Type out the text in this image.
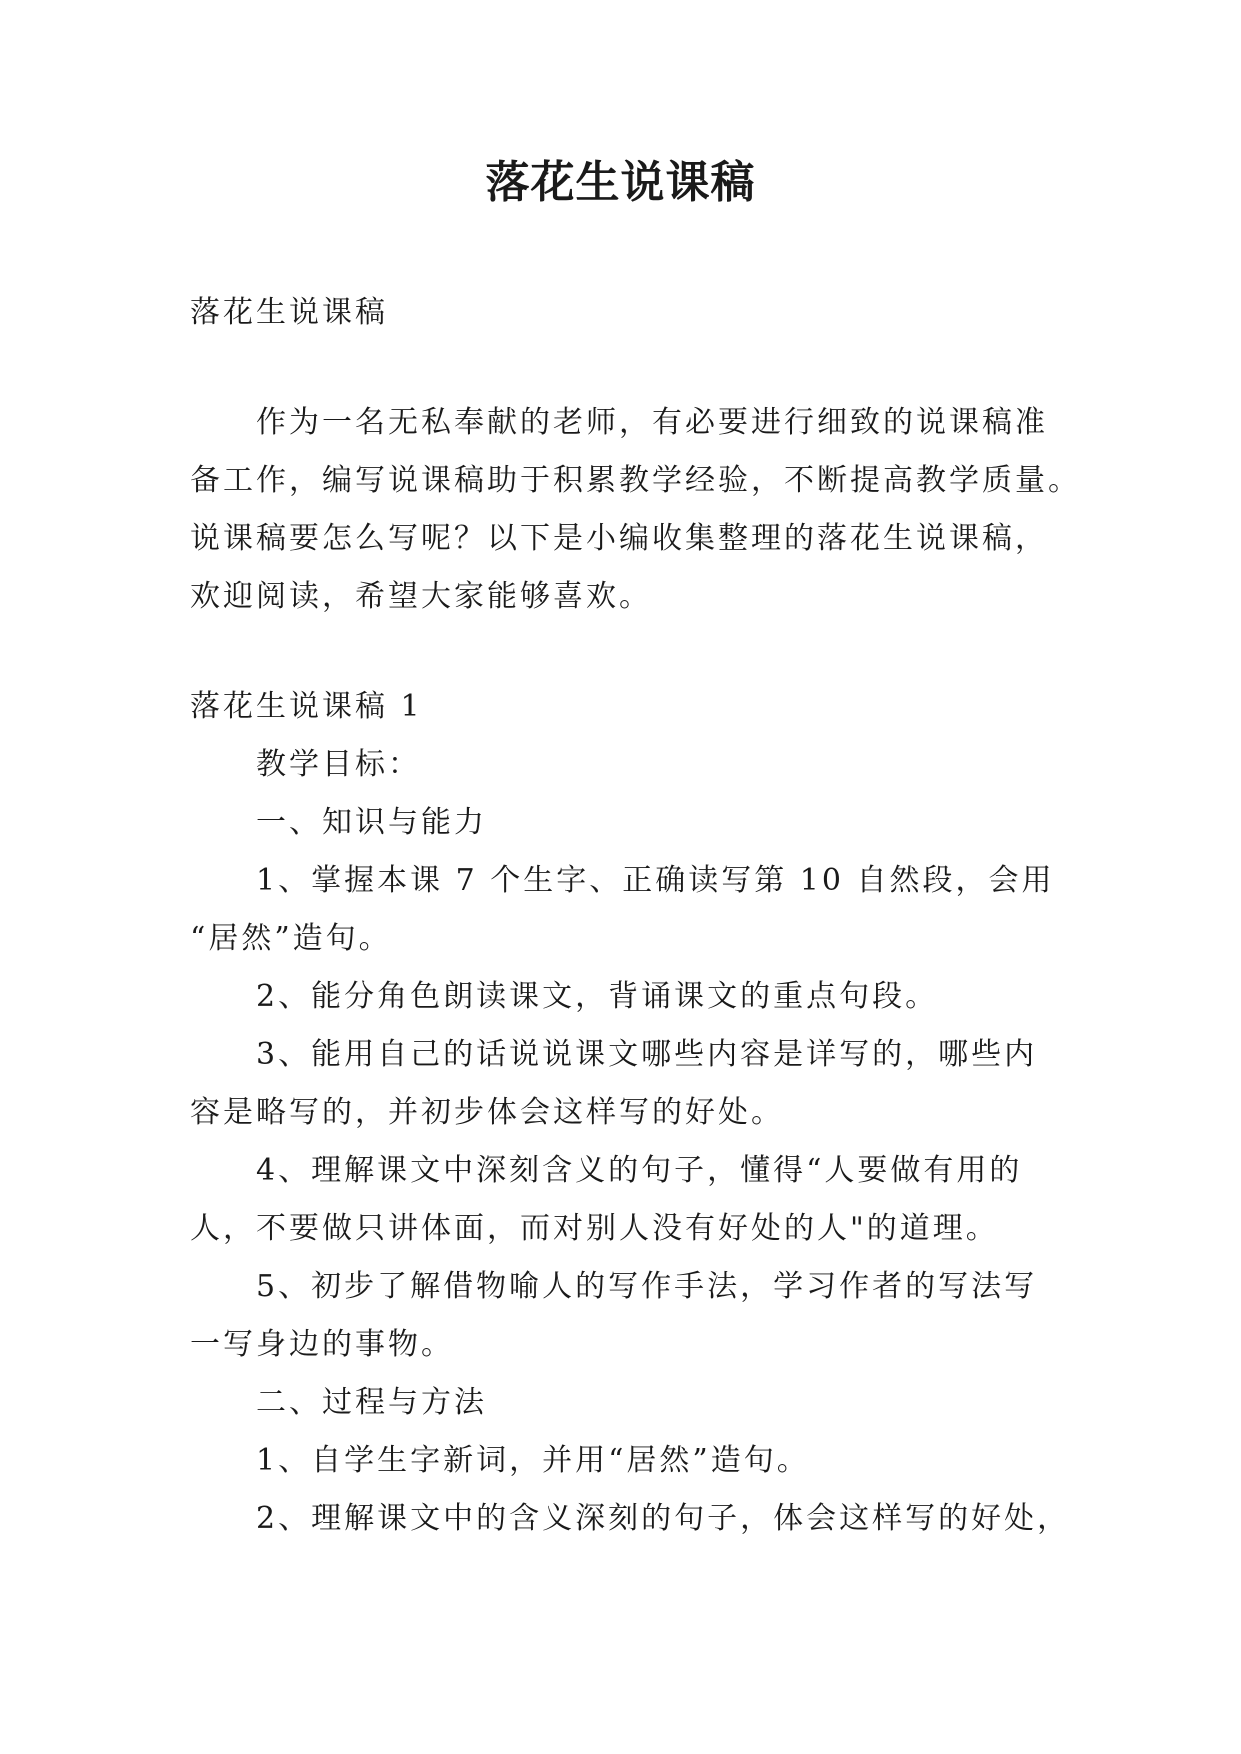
落花生说课稿

落花生说课稿

作为一名无私奉献的老师，有必要进行细致的说课稿准

备工作，编写说课稿助于积累教学经验，不断提高教学质量。

说课稿要怎么写呢？以下是小编收集整理的落花生说课稿，

欢迎阅读，希望大家能够喜欢。

落花生说课稿 1

教学目标：

一、知识与能力

1、掌握本课 7 个生字、正确读写第 10 自然段，会用

“居然”造句。

2、能分角色朗读课文，背诵课文的重点句段。

3、能用自己的话说说课文哪些内容是详写的，哪些内

容是略写的，并初步体会这样写的好处。

4、理解课文中深刻含义的句子，懂得“人要做有用的

人，不要做只讲体面，而对别人没有好处的人"的道理。

5、初步了解借物喻人的写作手法，学习作者的写法写

一写身边的事物。

二、过程与方法

1、自学生字新词，并用“居然”造句。

2、理解课文中的含义深刻的句子，体会这样写的好处，
